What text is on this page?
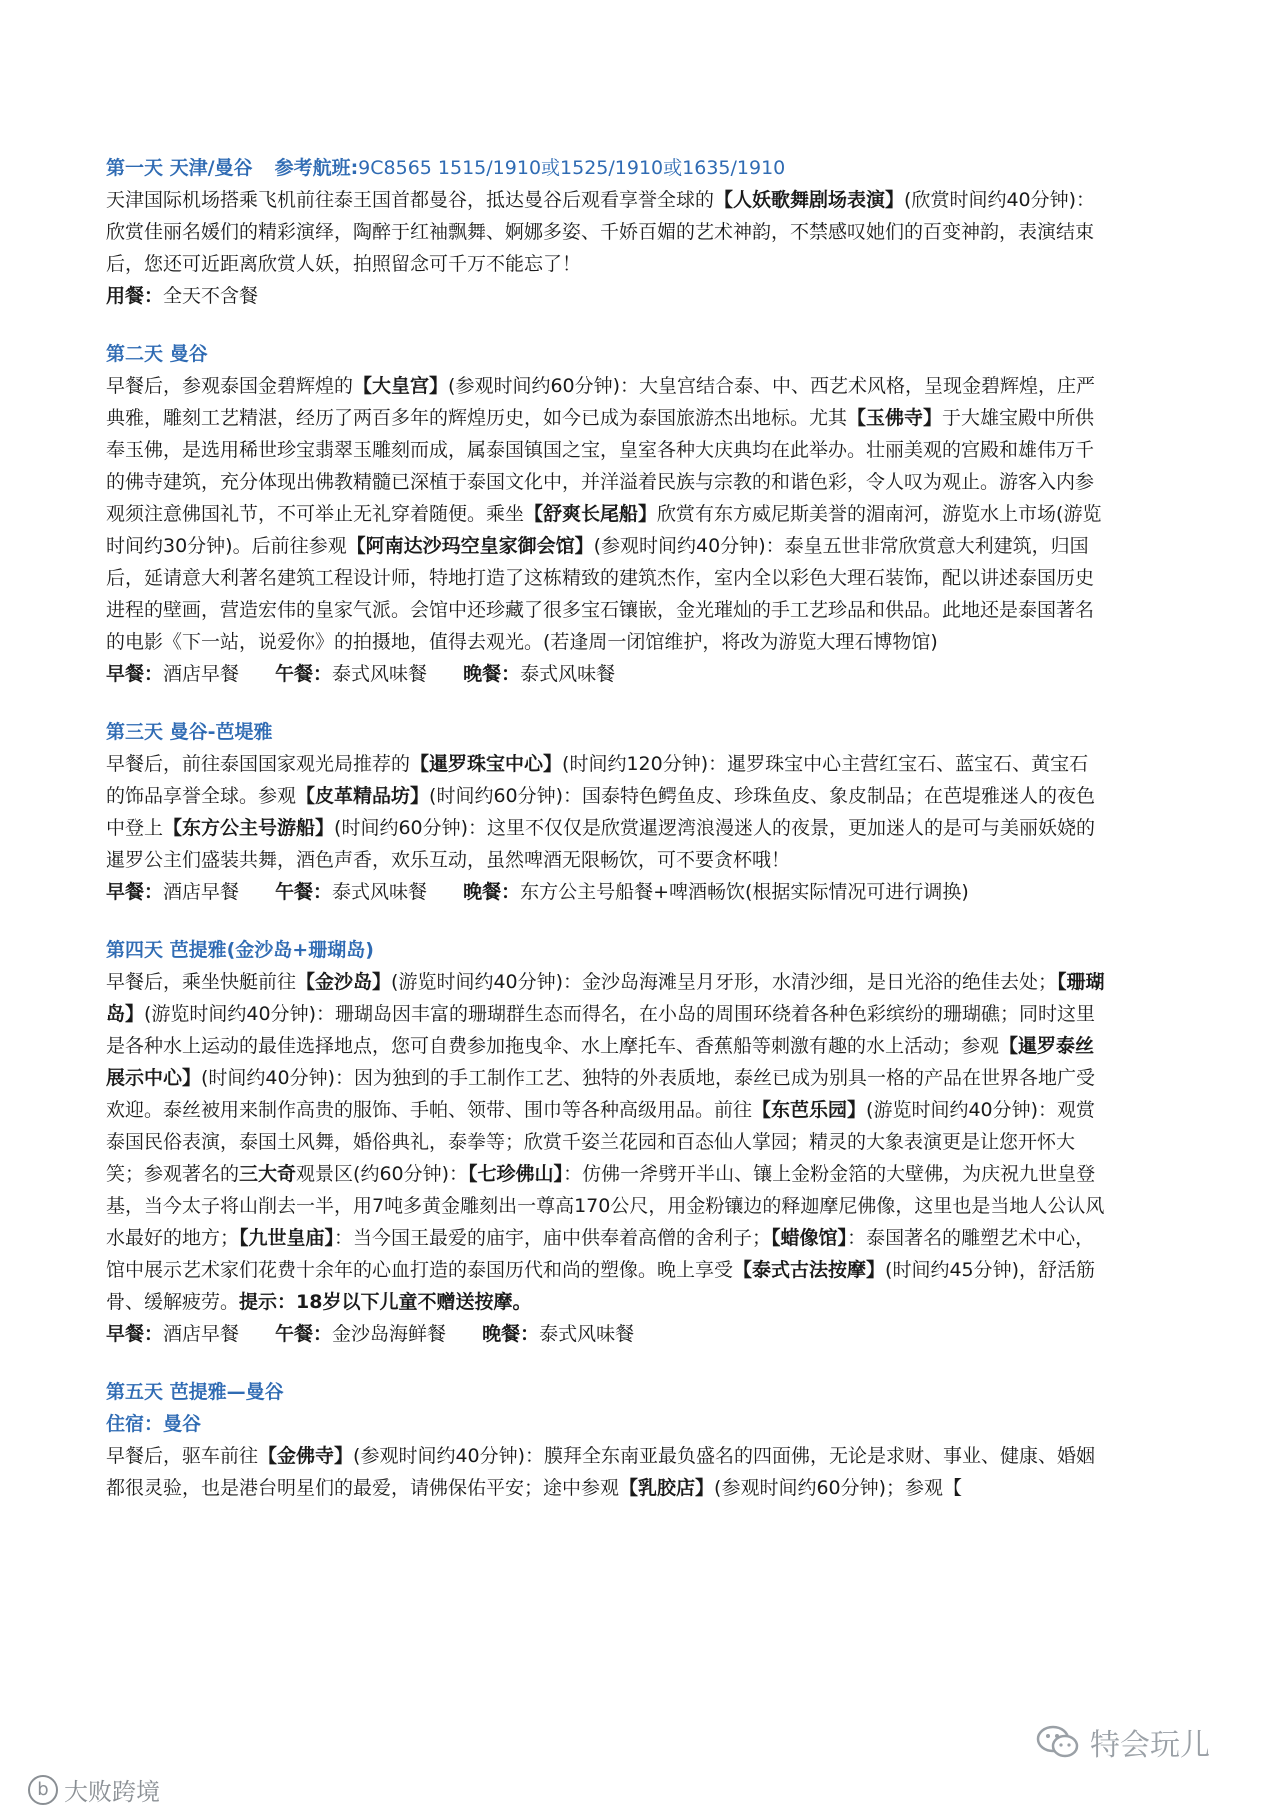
第一天 天津/曼谷 参考航班:9C8565 1515/1910或1525/1910或1635/1910

天津国际机场搭乘飞机前往泰王国首都曼谷，抵达曼谷后观看享誉全球的【人妖歌舞剧场表演】(欣赏时间约40分钟)：欣赏佳丽名媛们的精彩演绎，陶醉于红袖飘舞、婀娜多姿、千娇百媚的艺术神韵，不禁感叹她们的百变神韵，表演结束后，您还可近距离欣赏人妖，拍照留念可千万不能忘了！

用餐：全天不含餐

第二天 曼谷

早餐后，参观泰国金碧辉煌的【大皇宫】(参观时间约60分钟)：大皇宫结合泰、中、西艺术风格，呈现金碧辉煌，庄严典雅，雕刻工艺精湛，经历了两百多年的辉煌历史，如今已成为泰国旅游杰出地标。尤其【玉佛寺】于大雄宝殿中所供奉玉佛，是选用稀世珍宝翡翠玉雕刻而成，属泰国镇国之宝，皇室各种大庆典均在此举办。壮丽美观的宫殿和雄伟万千的佛寺建筑，充分体现出佛教精髓已深植于泰国文化中，并洋溢着民族与宗教的和谐色彩，令人叹为观止。游客入内参观须注意佛国礼节，不可举止无礼穿着随便。乘坐【舒爽长尾船】欣赏有东方威尼斯美誉的湄南河，游览水上市场(游览时间约30分钟)。后前往参观【阿南达沙玛空皇家御会馆】(参观时间约40分钟)：泰皇五世非常欣赏意大利建筑，归国后，延请意大利著名建筑工程设计师，特地打造了这栋精致的建筑杰作，室内全以彩色大理石装饰，配以讲述泰国历史进程的壁画，营造宏伟的皇家气派。会馆中还珍藏了很多宝石镶嵌，金光璀灿的手工艺珍品和供品。此地还是泰国著名的电影《下一站，说爱你》的拍摄地，值得去观光。(若逢周一闭馆维护，将改为游览大理石博物馆)

早餐：酒店早餐 午餐：泰式风味餐 晚餐：泰式风味餐

第三天 曼谷-芭堤雅

早餐后，前往泰国国家观光局推荐的【暹罗珠宝中心】(时间约120分钟)：暹罗珠宝中心主营红宝石、蓝宝石、黄宝石的饰品享誉全球。参观【皮革精品坊】(时间约60分钟)：国泰特色鳄鱼皮、珍珠鱼皮、象皮制品；在芭堤雅迷人的夜色中登上【东方公主号游船】(时间约60分钟)：这里不仅仅是欣赏暹逻湾浪漫迷人的夜景，更加迷人的是可与美丽妖娆的暹罗公主们盛装共舞，酒色声香，欢乐互动，虽然啤酒无限畅饮，可不要贪杯哦！

早餐：酒店早餐 午餐：泰式风味餐 晚餐：东方公主号船餐+啤酒畅饮(根据实际情况可进行调换)

第四天 芭提雅(金沙岛+珊瑚岛)

早餐后，乘坐快艇前往【金沙岛】(游览时间约40分钟)：金沙岛海滩呈月牙形，水清沙细，是日光浴的绝佳去处；【珊瑚岛】(游览时间约40分钟)：珊瑚岛因丰富的珊瑚群生态而得名，在小岛的周围环绕着各种色彩缤纷的珊瑚礁；同时这里是各种水上运动的最佳选择地点，您可自费参加拖曳伞、水上摩托车、香蕉船等刺激有趣的水上活动；参观【暹罗泰丝展示中心】(时间约40分钟)：因为独到的手工制作工艺、独特的外表质地，泰丝已成为别具一格的产品在世界各地广受欢迎。泰丝被用来制作高贵的服饰、手帕、领带、围巾等各种高级用品。前往【东芭乐园】(游览时间约40分钟)：观赏泰国民俗表演，泰国土风舞，婚俗典礼，泰拳等；欣赏千姿兰花园和百态仙人掌园；精灵的大象表演更是让您开怀大笑；参观著名的三大奇观景区(约60分钟)：【七珍佛山】：仿佛一斧劈开半山、镶上金粉金箔的大壁佛，为庆祝九世皇登基，当今太子将山削去一半，用7吨多黄金雕刻出一尊高170公尺，用金粉镶边的释迦摩尼佛像，这里也是当地人公认风水最好的地方；【九世皇庙】：当今国王最爱的庙宇，庙中供奉着高僧的舍利子；【蜡像馆】：泰国著名的雕塑艺术中心，馆中展示艺术家们花费十余年的心血打造的泰国历代和尚的塑像。晚上享受【泰式古法按摩】(时间约45分钟)，舒活筋骨、缓解疲劳。提示：18岁以下儿童不赠送按摩。

早餐：酒店早餐 午餐：金沙岛海鲜餐 晚餐：泰式风味餐

第五天 芭提雅—曼谷

住宿：曼谷

早餐后，驱车前往【金佛寺】(参观时间约40分钟)：膜拜全东南亚最负盛名的四面佛，无论是求财、事业、健康、婚姻都很灵验，也是港台明星们的最爱，请佛保佑平安；途中参观【乳胶店】(参观时间约60分钟)；参观【

特会玩儿
b 大败跨境
